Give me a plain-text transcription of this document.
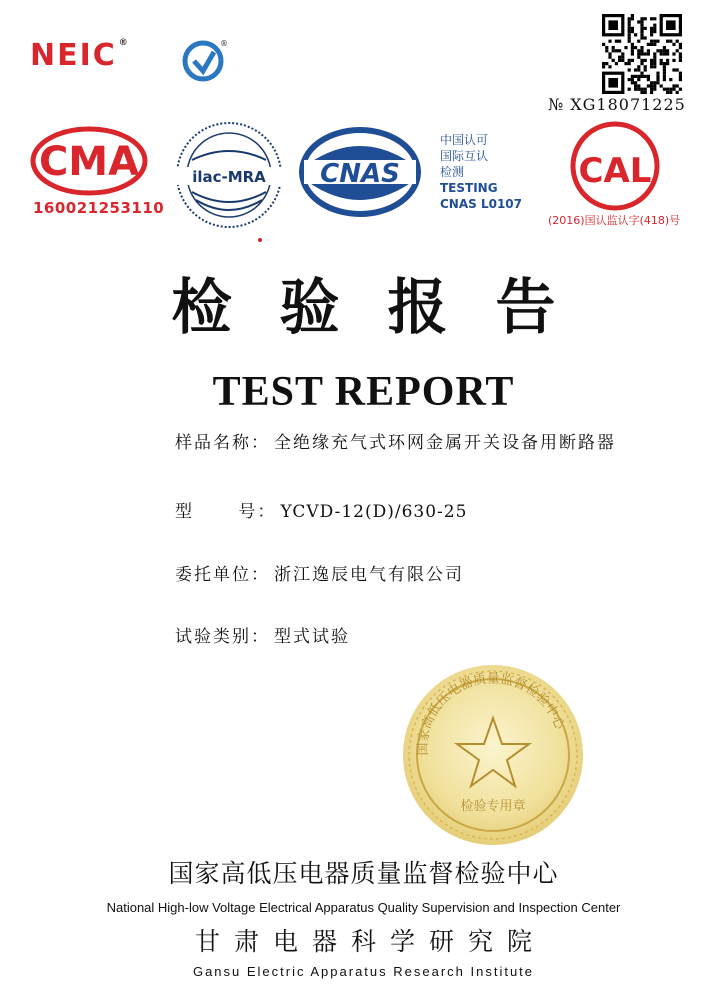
NEIC ®	®
№ XG18071225
CMA
160021253110
ilac-MRA CNAS
中国认可
国际互认
检测
TESTING
CNAS L0107
CAL
(2016)国认监认字(418)号
检验报告
TEST REPORT
样品名称： 全绝缘充气式环网金属开关设备用断路器
型      号： YCVD-12(D)/630-25
委托单位： 浙江逸辰电气有限公司
试验类别： 型式试验
国家高低压电器质量监督检验中心
检验专用章
国家高低压电器质量监督检验中心
National High-low Voltage Electrical Apparatus Quality Supervision and Inspection Center
甘肃电器科学研究院
Gansu Electric Apparatus Research Institute
